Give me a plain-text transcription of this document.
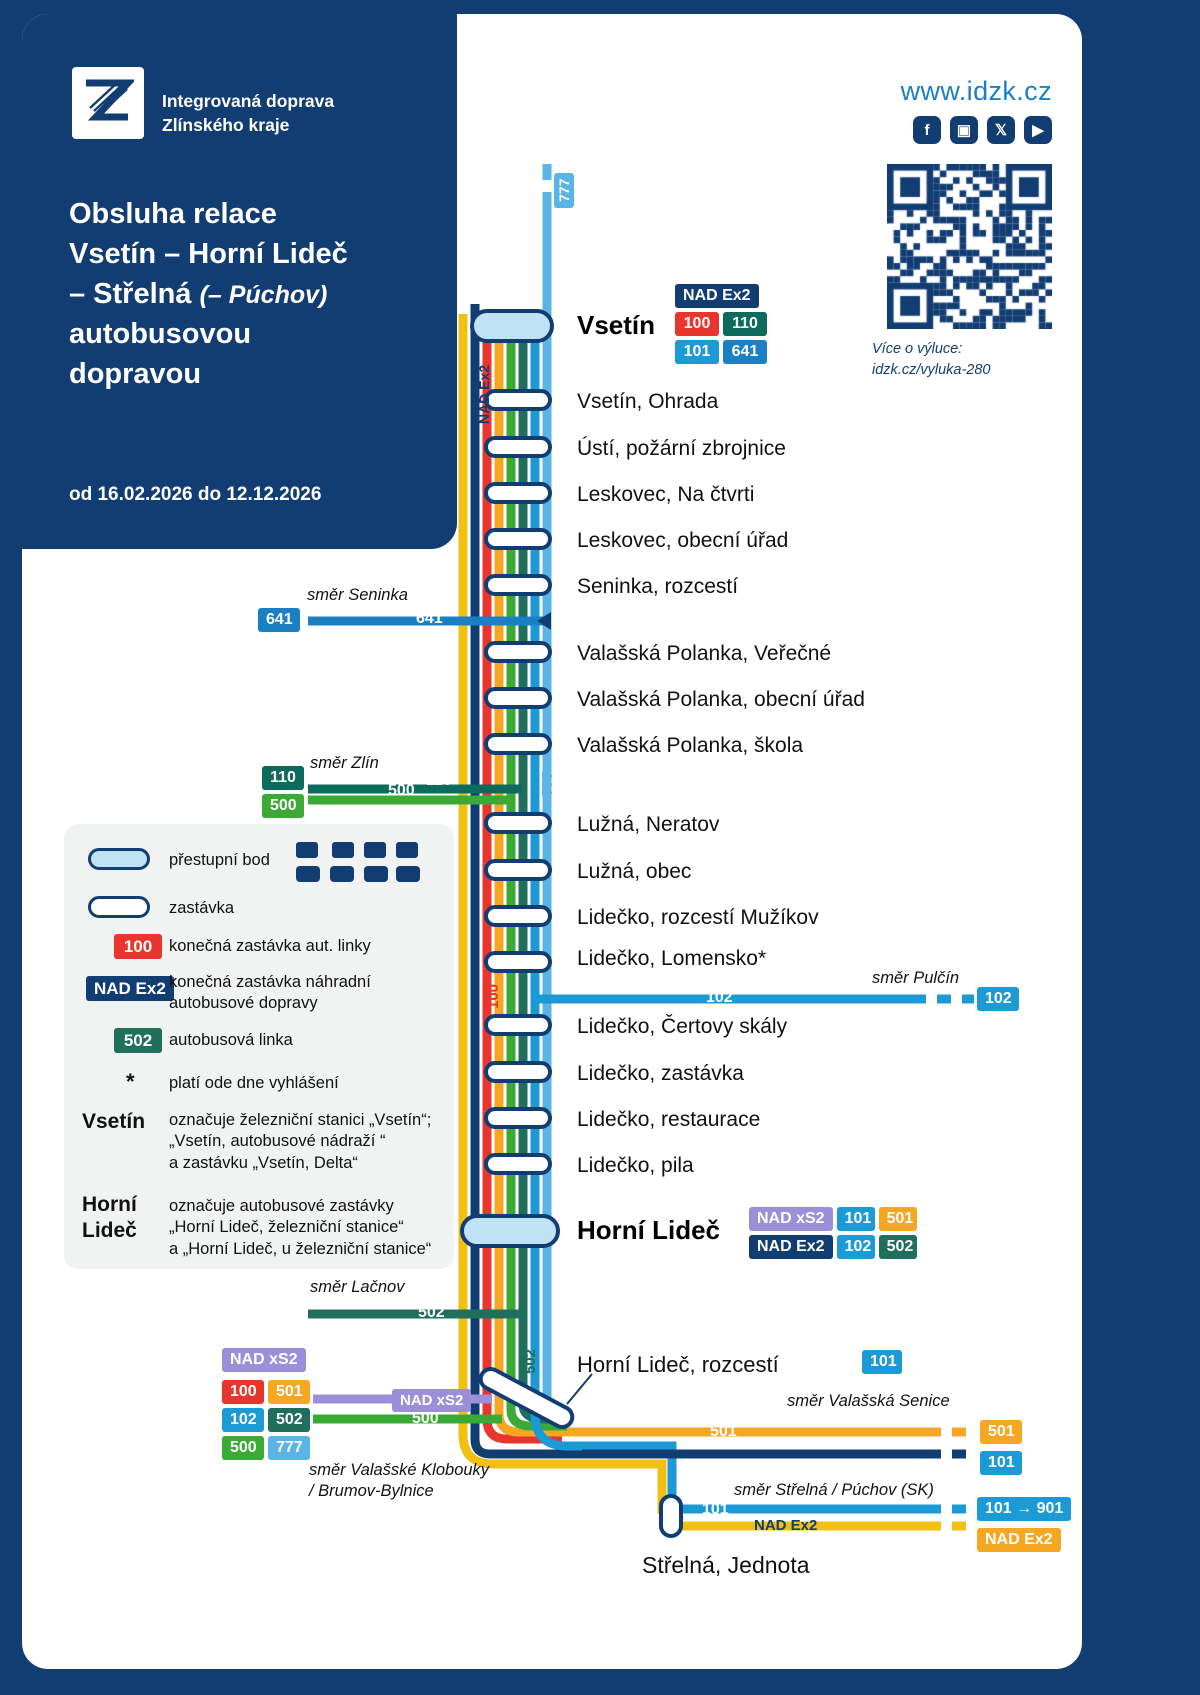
Integrovaná doprava
Zlínského kraje
Obsluha relace
Vsetín – Horní Lideč
– Střelná (– Púchov)
autobusovou
dopravou
od 16.02.2026 do 12.12.2026
www.idzk.cz
f	▣	𝕏	▶
Více o výluce:
idzk.cz/vyluka-280
Vsetín
NAD Ex2
100	110
101	641
Vsetín, Ohrada
Ústí, požární zbrojnice
Leskovec, Na čtvrti
Leskovec, obecní úřad
Seninka, rozcestí
Valašská Polanka, Veřečné
Valašská Polanka, obecní úřad
Valašská Polanka, škola
Lužná, Neratov
Lužná, obec
Lidečko, rozcestí Mužíkov
Lidečko, Lomensko*
Lidečko, Čertovy skály
Lidečko, zastávka
Lidečko, restaurace
Lidečko, pila
Horní Lideč	NAD xS2	101 501
NAD Ex2	102 502
Horní Lideč, rozcestí	101
Střelná, Jednota
777
NAD Ex2
777
100
502
směr Seninka
641	641
směr Zlín
110
500
500
110
směr Pulčín
102	102
směr Lačnov
502
NAD xS2
100	501
102	502
500	777
NAD xS2
500
směr Valašské Klobouky
/ Brumov-Bylnice
směr Valašská Senice
501	501
101
směr Střelná / Púchov (SK)
101
NAD Ex2
101 → 901
NAD Ex2
přestupní bod
zastávka
100	konečná zastávka aut. linky
NAD Ex2 konečná zastávka náhradní
autobusové dopravy
502	autobusová linka
* platí ode dne vyhlášení
Vsetín označuje železniční stanici „Vsetín“;
„Vsetín, autobusové nádraží “
a zastávku „Vsetín, Delta“
Horní
Lideč
označuje autobusové zastávky
„Horní Lideč, železniční stanice“
a „Horní Lideč, u železniční stanice“
